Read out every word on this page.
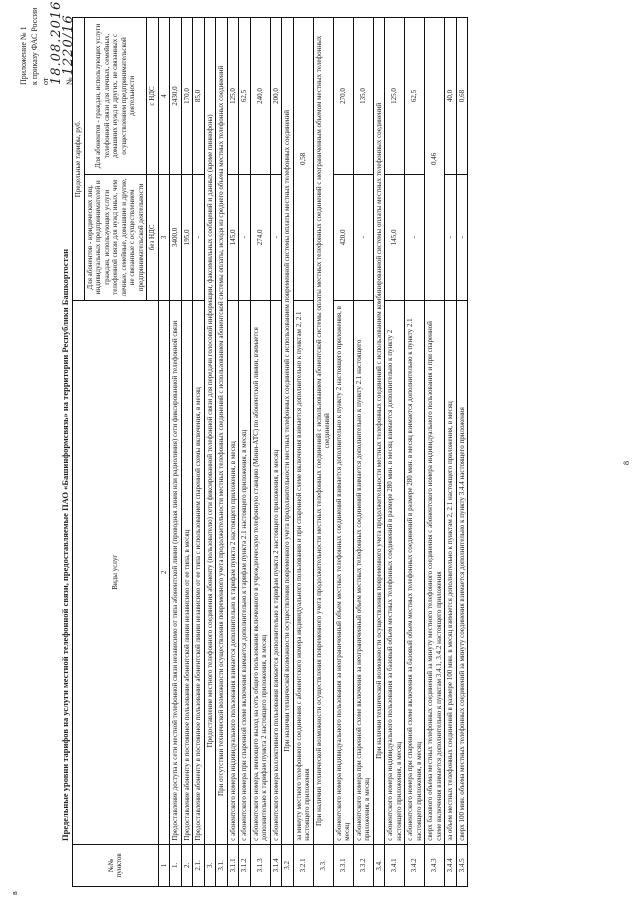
в
Приложение № 1 к приказу ФАС России от 18.08.2016 № 1220/16
Предельные уровни тарифов на услуги местной телефонной связи, предоставляемые ПАО «Башинформсвязь» на территории Республики Башкортостан
№№ пунктов	Виды услуг	Предельные тарифы, руб.	
		Для абонентов - юридических лиц, индивидуальных предпринимателей и граждан, использующих услуги телефонной связи для нужд иных, чем личные, семейные, домашние и другие, не связанные с осуществлением предпринимательской деятельности	Для абонентов - граждан, использующих услуги телефонной связи для личных, семейных, домашних нужд и других, не связанных с осуществлением предпринимательской деятельности
		без НДС	с НДС
1	2	3	4
1.	Предоставление доступа к сети местной телефонной связи независимо от типа абонентской линии (проводная линия или радиолиния) сети фиксированной телефонной связи	3400,0	2430,0
2.	Предоставление абоненту в постоянное пользование абонентской линии независимо от ее типа, в месяц	195,0	170,0
2.1.	Предоставление абоненту в постоянное пользование абонентской линии независимо от ее типа с использованием спаренной схемы включения, в месяц	-	85,0
3.	Предоставление местного телефонного соединения абоненту (пользователю) сети фиксированной телефонной связи для передачи голосовой информации, факсимильных сообщений и данных (кроме пиннофона)		
3.1.	При отсутствии технической возможности осуществления повременного учета продолжительности местных телефонных соединений с использованием абонентской системы оплаты, исходя из среднего объема местных телефонных соединений		
3.1.1	с абонентского номера индивидуального пользования взимается дополнительно к тарифам пункта 2 настоящего приложения, в месяц	145,0	125,0
3.1.2	с абонентского номера при спаренной схеме включения взимается дополнительно к тарифам пункта 2.1 настоящего приложения, в месяц	-	62,5
3.1.3	с абонентского номера, имеющего выход на сеть общего пользования включенного в учрежденческую телефонную станцию (Мини-АТС) по абонентской линии, взимается дополнительно к тарифам пункта 2 настоящего приложения, в месяц	274,0	240,0
3.1.4	с абонентского номера коллективного пользования взимается дополнительно к тарифам пункта 2 настоящего приложения, в месяц	-	200,0
3.2	При наличии технической возможности осуществления повременного учета продолжительности местных телефонных соединений с использованием повременной системы оплаты местных телефонных соединений		
3.2.1	за минуту местного телефонного соединения с абонентского номера индивидуального пользования и при спаренной схеме включения взимается дополнительно к пунктам 2, 2.1 настоящего приложения	0,58	
3.3.	При наличии технической возможности осуществления повременного учета продолжительности местных телефонных соединений с использованием абонентской системы оплаты местных телефонных соединений с неограниченным объемом местных телефонных соединений		
3.3.1	с абонентского номера индивидуального пользования за неограниченный объем местных телефонных соединений взимается дополнительно к пункту 2 настоящего приложения, в месяц	420,0	270,0
3.3.2	с абонентского номера при спаренной схеме включения за неограниченный объем местных телефонных соединений взимается дополнительно к пункту 2.1 настоящего приложения, в месяц	-	135,0
3.4.	При наличии технической возможности осуществления повременного учета продолжительности местных телефонных соединений с использованием комбинированной системы оплаты местных телефонных соединений		
3.4.1	с абонентского номера индивидуального пользования за базовый объем местных телефонных соединений в размере 280 мин. в месяц взимается дополнительно к пункту 2 настоящего приложения, в месяц	145,0	125,0
3.4.2	с абонентского номера при спаренной схеме включения за базовый объем местных телефонных соединений в размере 280 мин. в месяц взимается дополнительно к пункту 2.1 настоящего приложения, в месяц	-	62,5
3.4.3	сверх базового объема местных телефонных соединений за минуту местного телефонного соединения с абонентского номера индивидуального пользования и при спаренной схеме включения взимается дополнительно к пунктам 3.4.1, 3.4.2 настоящего приложения	0,46	
3.4.4	за объем местных телефонных соединений в размере 100 мин. в месяц взимается дополнительно к пунктам 2, 2.1 настоящего приложения, в месяц	-	40,0
3.4.5	сверх 100 мин. объема местных телефонных соединений за минуту соединения взимается дополнительно к пункту 3.4.4 настоящего приложения	-	0,68
8
